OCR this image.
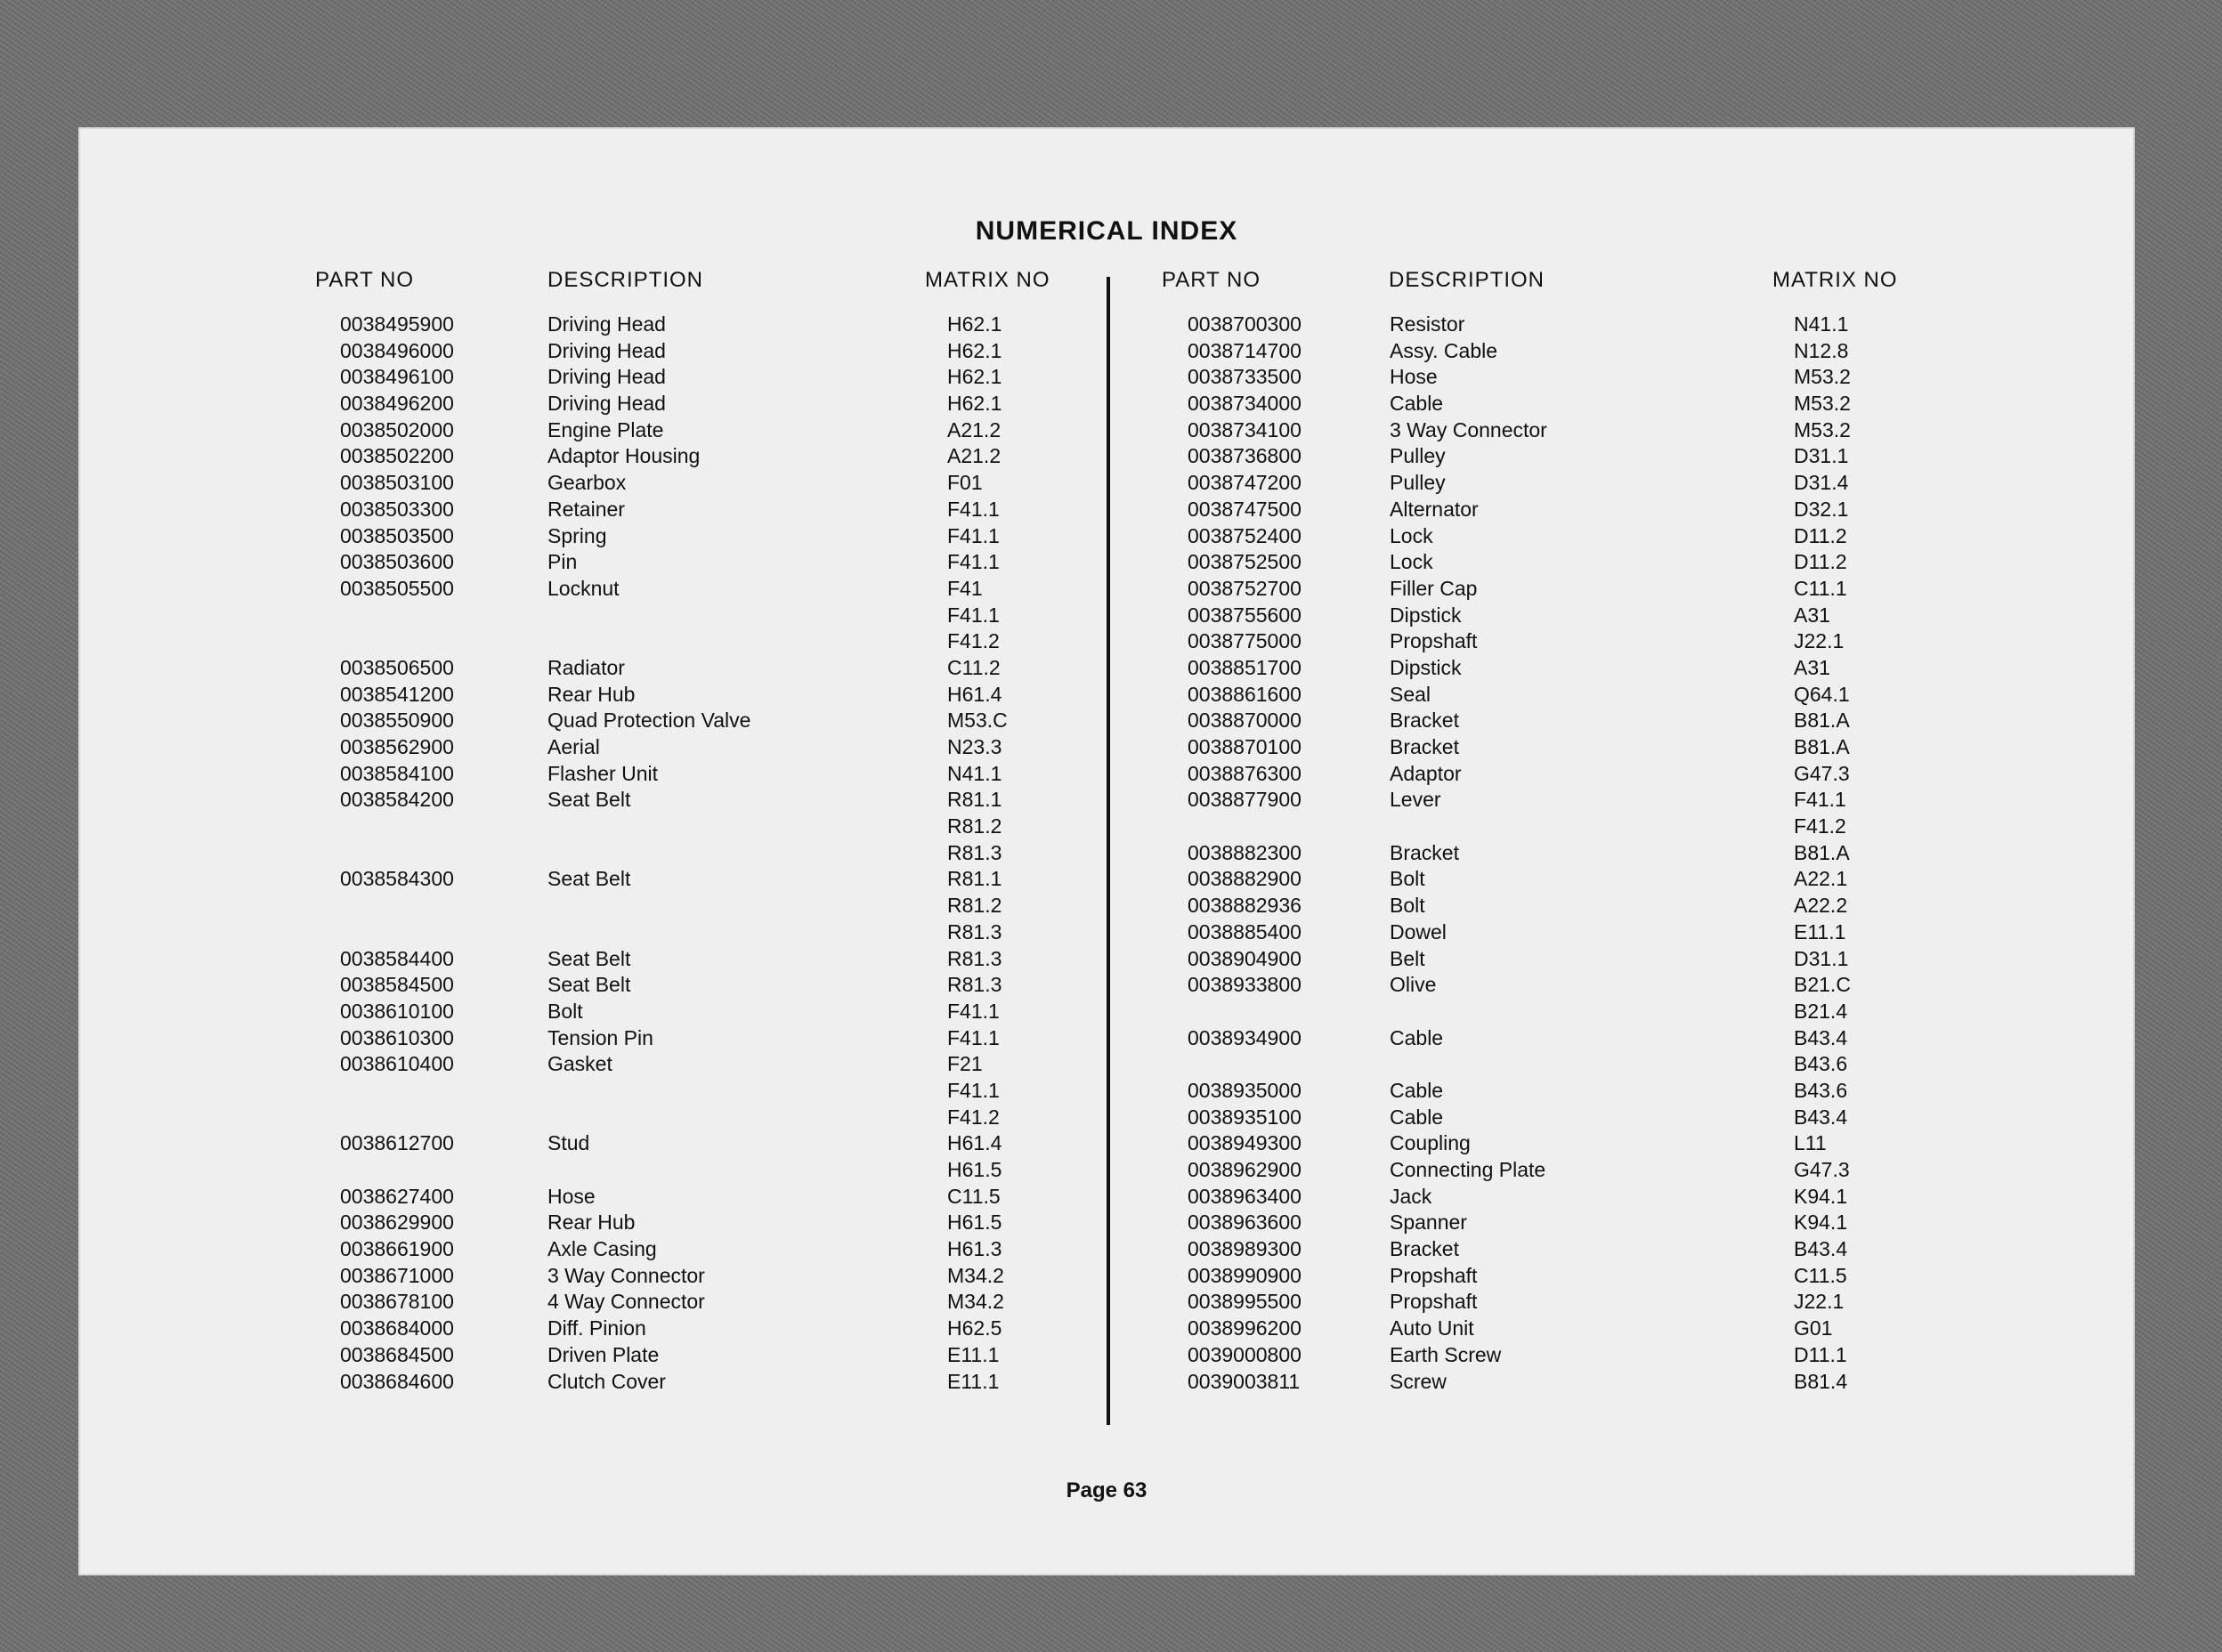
NUMERICAL INDEX
PART NO	DESCRIPTION	MATRIX NO
0038495900	Driving Head	H62.1
0038496000	Driving Head	H62.1
0038496100	Driving Head	H62.1
0038496200	Driving Head	H62.1
0038502000	Engine Plate	A21.2
0038502200	Adaptor Housing	A21.2
0038503100	Gearbox	F01
0038503300	Retainer	F41.1
0038503500	Spring	F41.1
0038503600	Pin	F41.1
0038505500	Locknut	F41
F41.1
F41.2
0038506500	Radiator	C11.2
0038541200	Rear Hub	H61.4
0038550900	Quad Protection Valve	M53.C
0038562900	Aerial	N23.3
0038584100	Flasher Unit	N41.1
0038584200	Seat Belt	R81.1
R81.2
R81.3
0038584300	Seat Belt	R81.1
R81.2
R81.3
0038584400	Seat Belt	R81.3
0038584500	Seat Belt	R81.3
0038610100	Bolt	F41.1
0038610300	Tension Pin	F41.1
0038610400	Gasket	F21
F41.1
F41.2
0038612700	Stud	H61.4
H61.5
0038627400	Hose	C11.5
0038629900	Rear Hub	H61.5
0038661900	Axle Casing	H61.3
0038671000	3 Way Connector	M34.2
0038678100	4 Way Connector	M34.2
0038684000	Diff. Pinion	H62.5
0038684500	Driven Plate	E11.1
0038684600	Clutch Cover	E11.1
PART NO	DESCRIPTION	MATRIX NO
0038700300	Resistor	N41.1
0038714700	Assy. Cable	N12.8
0038733500	Hose	M53.2
0038734000	Cable	M53.2
0038734100	3 Way Connector	M53.2
0038736800	Pulley	D31.1
0038747200	Pulley	D31.4
0038747500	Alternator	D32.1
0038752400	Lock	D11.2
0038752500	Lock	D11.2
0038752700	Filler Cap	C11.1
0038755600	Dipstick	A31
0038775000	Propshaft	J22.1
0038851700	Dipstick	A31
0038861600	Seal	Q64.1
0038870000	Bracket	B81.A
0038870100	Bracket	B81.A
0038876300	Adaptor	G47.3
0038877900	Lever	F41.1
F41.2
0038882300	Bracket	B81.A
0038882900	Bolt	A22.1
0038882936	Bolt	A22.2
0038885400	Dowel	E11.1
0038904900	Belt	D31.1
0038933800	Olive	B21.C
B21.4
0038934900	Cable	B43.4
B43.6
0038935000	Cable	B43.6
0038935100	Cable	B43.4
0038949300	Coupling	L11
0038962900	Connecting Plate	G47.3
0038963400	Jack	K94.1
0038963600	Spanner	K94.1
0038989300	Bracket	B43.4
0038990900	Propshaft	C11.5
0038995500	Propshaft	J22.1
0038996200	Auto Unit	G01
0039000800	Earth Screw	D11.1
0039003811	Screw	B81.4
Page 63
